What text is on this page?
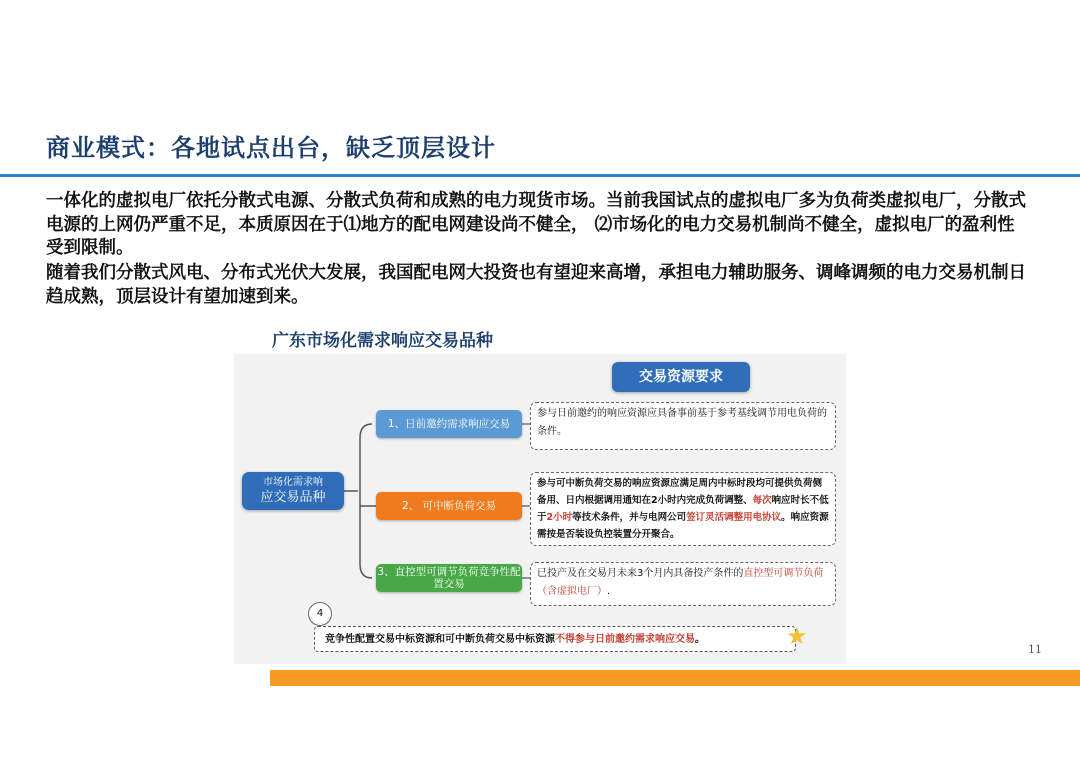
商业模式：各地试点出台，缺乏顶层设计
一体化的虚拟电厂依托分散式电源、分散式负荷和成熟的电力现货市场。当前我国试点的虚拟电厂多为负荷类虚拟电厂，分散式电源的上网仍严重不足，本质原因在于⑴地方的配电网建设尚不健全， ⑵市场化的电力交易机制尚不健全，虚拟电厂的盈利性受到限制。
随着我们分散式风电、分布式光伏大发展，我国配电网大投资也有望迎来高增，承担电力辅助服务、调峰调频的电力交易机制日趋成熟，顶层设计有望加速到来。
广东市场化需求响应交易品种
交易资源要求
市场化需求响
应交易品种
1、日前邀约需求响应交易
2、 可中断负荷交易
3、直控型可调节负荷竞争性配置交易
参与日前邀约的响应资源应具备事前基于参考基线调节用电负荷的条件。
参与可中断负荷交易的响应资源应满足周内中标时段均可提供负荷侧备用、日内根据调用通知在2小时内完成负荷调整、每次响应时长不低于2小时等技术条件，并与电网公司签订灵活调整用电协议。响应资源需按是否装设负控装置分开聚合。
已投产及在交易月未来3个月内具备投产条件的直控型可调节负荷（含虚拟电厂）.
4
竞争性配置交易中标资源和可中断负荷交易中标资源不得参与日前邀约需求响应交易。	★	11
